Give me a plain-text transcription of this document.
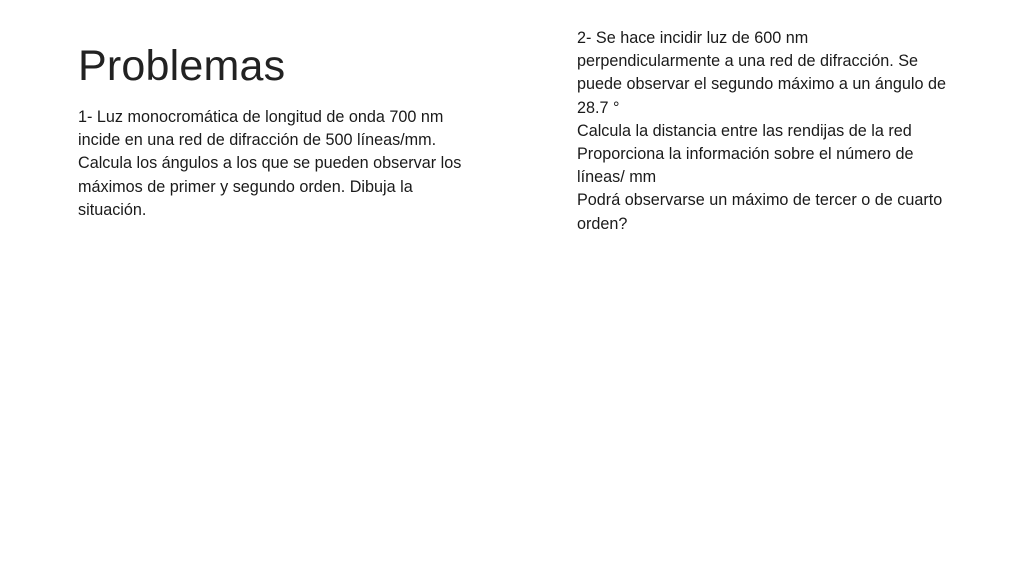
Problemas
1- Luz monocromática de longitud de onda 700 nm
incide en una red de difracción de 500 líneas/mm.
Calcula los ángulos a los que se pueden observar los
máximos de primer y segundo orden. Dibuja la
situación.
2- Se hace incidir luz de 600 nm
perpendicularmente a una red de difracción. Se
puede observar el segundo máximo a un ángulo de
28.7 °
Calcula la distancia entre las rendijas de la red
Proporciona la información sobre el número de
líneas/ mm
Podrá observarse un máximo de tercer o de cuarto
orden?
